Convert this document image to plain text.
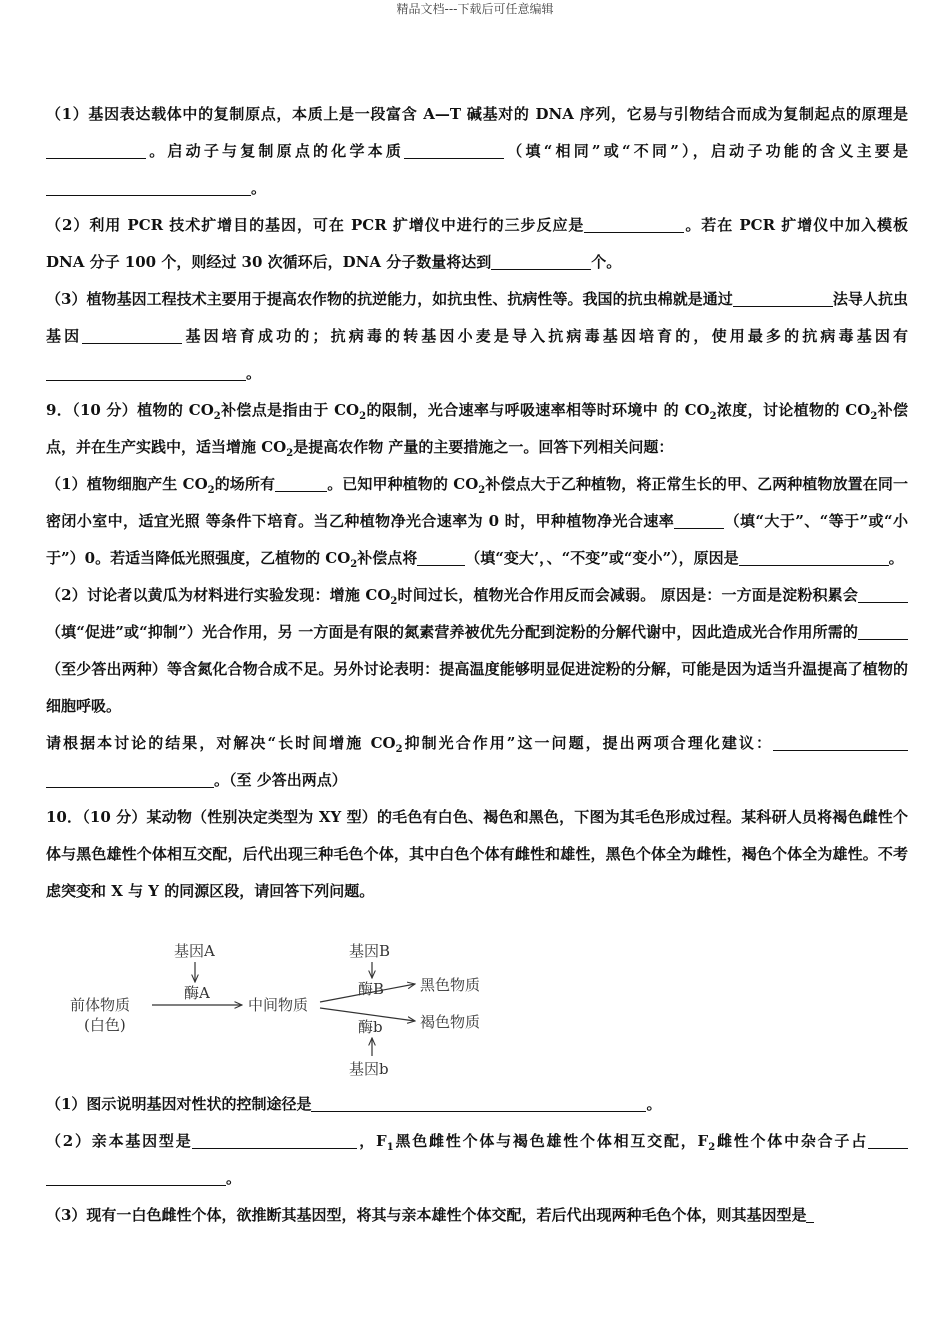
精品文档---下载后可任意编辑

（1）基因表达载体中的复制原点，本质上是一段富含 A—T 碱基对的 DNA 序列，它易与引物结合而成为复制起点的原理是。启动子与复制原点的化学本质	（填“相同”或“不同”），启动子功能的含义主要是。

（2）利用 PCR 技术扩增目的基因，可在 PCR 扩增仪中进行的三步反应是	。若在 PCR 扩增仪中加入模板 DNA 分子 100 个，则经过 30 次循环后，DNA 分子数量将达到	个。

（3）植物基因工程技术主要用于提高农作物的抗逆能力，如抗虫性、抗病性等。我国的抗虫棉就是通过	法导人抗虫基因	基因培育成功的；抗病毒的转基因小麦是导入抗病毒基因培育的，使用最多的抗病毒基因有。

9．（10 分）植物的 $CO_2$补偿点是指由于 $CO_2$的限制，光合速率与呼吸速率相等时环境中 的 $CO_2$浓度，讨论植物的 $CO_2$补偿点，并在生产实践中，适当增施 $CO_2$是提高农作物 产量的主要措施之一。回答下列相关问题：

（1）植物细胞产生 $CO_2$的场所有	。已知甲种植物的 $CO_2$补偿点大于乙种植物，将正常生长的甲、乙两种植物放置在同一密闭小室中，适宜光照 等条件下培育。当乙种植物净光合速率为 0 时，甲种植物净光合速率	（填“大于”、“等于”或“小于”）0。若适当降低光照强度，乙植物的 $CO_2$补偿点将	（填“变大’，、“不变”或“变小”），原因是	。

（2）讨论者以黄瓜为材料进行实验发现：增施 $CO_2$时间过长，植物光合作用反而会减弱。 原因是：一方面是淀粉积累会（填“促进”或“抑制”）光合作用，另 一方面是有限的氮素营养被优先分配到淀粉的分解代谢中，因此造成光合作用所需的（至少答出两种）等含氮化合物合成不足。另外讨论表明：提高温度能够明显促进淀粉的分解，可能是因为适当升温提高了植物的细胞呼吸。

请根据本讨论的结果，对解决“长时间增施 $CO_2$抑制光合作用”这一问题，提出两项合理化建议：。（至 少答出两点）

10．（10 分）某动物（性别决定类型为 XY 型）的毛色有白色、褐色和黑色，下图为其毛色形成过程。某科研人员将褐色雌性个体与黑色雄性个体相互交配，后代出现三种毛色个体，其中白色个体有雌性和雄性，黑色个体全为雌性，褐色个体全为雄性。不考虑突变和 X 与 Y 的同源区段，请回答下列问题。

基因A
酶A
前体物质
(白色)
中间物质
基因B
酶B 黑色物质
褐色物质
酶b
基因b

（1）图示说明基因对性状的控制途径是	。

（2）亲本基因型是	，$F_1$黑色雌性个体与褐色雄性个体相互交配，$F_2$雌性个体中杂合子占。

（3）现有一白色雌性个体，欲推断其基因型，将其与亲本雄性个体交配，若后代出现两种毛色个体，则其基因型是
